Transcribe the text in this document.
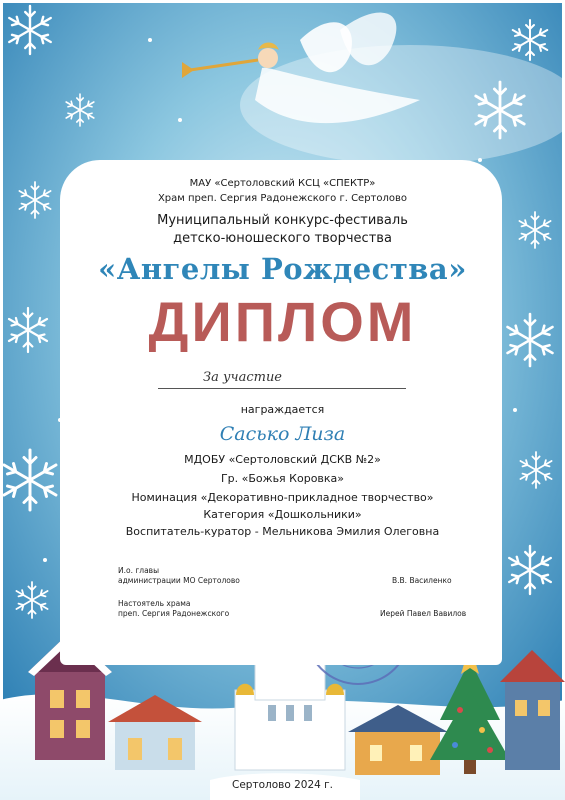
МАУ «Сертоловский КСЦ «СПЕКТР»
Храм преп. Сергия Радонежского г. Сертолово
Муниципальный конкурс-фестиваль
детско-юношеского творчества
«Ангелы Рождества»
ДИПЛОМ
За участие
награждается
Сасько Лиза
МДОБУ «Сертоловский ДСКВ №2»
Гр. «Божья Коровка»
Номинация «Декоративно-прикладное творчество»
Категория «Дошкольники»
Воспитатель-куратор - Мельникова Эмилия Олеговна
И.о. главы
администрации МО Сертолово	В.В. Василенко
Настоятель храма
преп. Сергия Радонежского	Иерей Павел Вавилов
Сертолово 2024 г.
